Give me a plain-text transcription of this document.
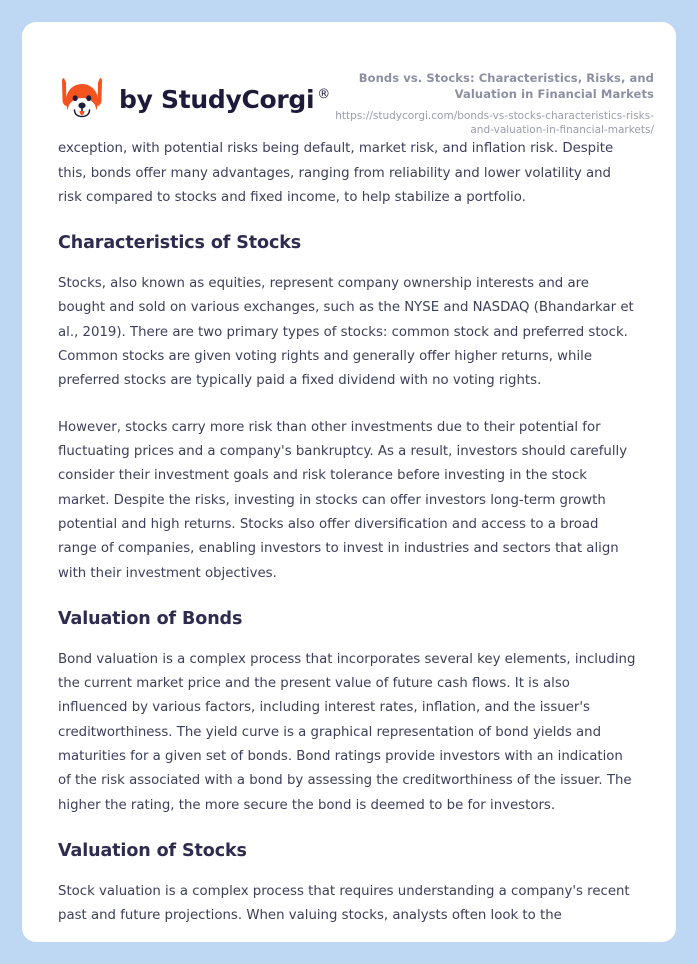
by StudyCorgi ®
Bonds vs. Stocks: Characteristics, Risks, and Valuation in Financial Markets
https://studycorgi.com/bonds-vs-stocks-characteristics-risks-and-valuation-in-financial-markets/

exception, with potential risks being default, market risk, and inflation risk. Despite this, bonds offer many advantages, ranging from reliability and lower volatility and risk compared to stocks and fixed income, to help stabilize a portfolio.

Characteristics of Stocks

Stocks, also known as equities, represent company ownership interests and are bought and sold on various exchanges, such as the NYSE and NASDAQ (Bhandarkar et al., 2019). There are two primary types of stocks: common stock and preferred stock. Common stocks are given voting rights and generally offer higher returns, while preferred stocks are typically paid a fixed dividend with no voting rights.

However, stocks carry more risk than other investments due to their potential for fluctuating prices and a company's bankruptcy. As a result, investors should carefully consider their investment goals and risk tolerance before investing in the stock market. Despite the risks, investing in stocks can offer investors long-term growth potential and high returns. Stocks also offer diversification and access to a broad range of companies, enabling investors to invest in industries and sectors that align with their investment objectives.

Valuation of Bonds

Bond valuation is a complex process that incorporates several key elements, including the current market price and the present value of future cash flows. It is also influenced by various factors, including interest rates, inflation, and the issuer's creditworthiness. The yield curve is a graphical representation of bond yields and maturities for a given set of bonds. Bond ratings provide investors with an indication of the risk associated with a bond by assessing the creditworthiness of the issuer. The higher the rating, the more secure the bond is deemed to be for investors.

Valuation of Stocks

Stock valuation is a complex process that requires understanding a company's recent past and future projections. When valuing stocks, analysts often look to the
